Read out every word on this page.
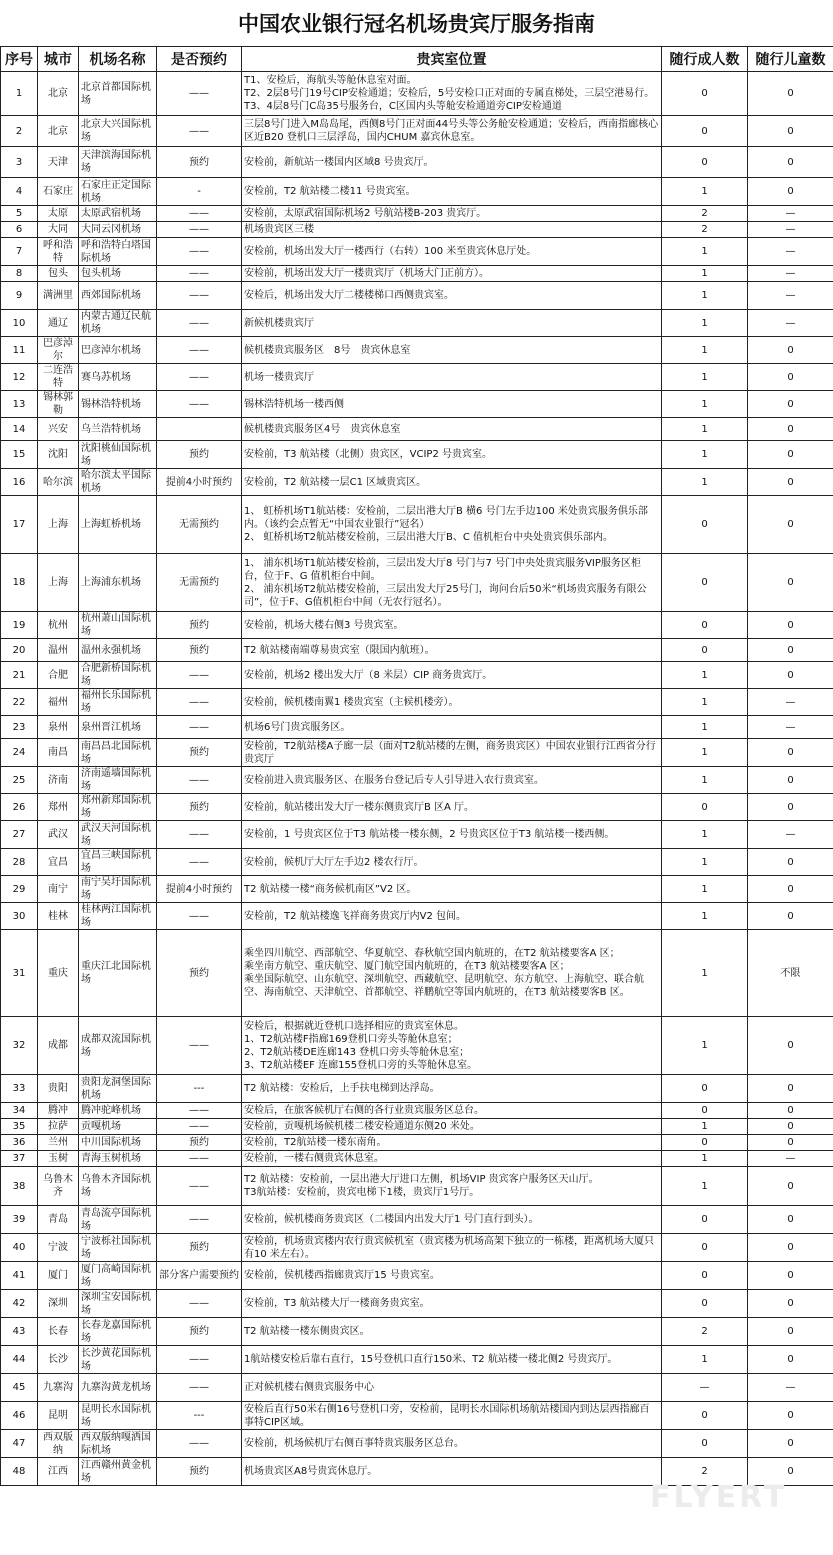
中国农业银行冠名机场贵宾厅服务指南
序号	城市	机场名称	是否预约	贵宾室位置	随行成人数	随行儿童数
1	北京	北京首都国际机场	——	T1、安检后，海航头等舱休息室对面。
T2、2层8号门19号CIP安检通道；安检后，5号安检口正对面的专属直梯处，三层空港易行。
T3、4层8号门C岛35号服务台，C区国内头等舱安检通道旁CIP安检通道	0	0
2	北京	北京大兴国际机场	——	三层8号门进入M岛岛尾，西侧8号门正对面44号头等公务舱安检通道；安检后，西南指廊核心区近B20 登机口三层浮岛，国内CHUM 嘉宾休息室。	0	0
3	天津	天津滨海国际机场	预约	安检前，新航站一楼国内区域8 号贵宾厅。	0	0
4	石家庄	石家庄正定国际机场	-	安检前，T2 航站楼二楼11 号贵宾室。	1	0
5	太原	太原武宿机场	——	安检前，太原武宿国际机场2 号航站楼B-203 贵宾厅。	2	—
6	大同	大同云冈机场	——	机场贵宾区三楼	2	—
7	呼和浩特	呼和浩特白塔国际机场	——	安检前，机场出发大厅一楼西行（右转）100 米至贵宾休息厅处。	1	—
8	包头	包头机场	——	安检前，机场出发大厅一楼贵宾厅（机场大门正前方）。	1	—
9	满洲里	西郊国际机场	——	安检后，机场出发大厅二楼楼梯口西侧贵宾室。	1	—
10	通辽	内蒙古通辽民航机场	——	新候机楼贵宾厅	1	—
11	巴彦淖尔	巴彦淖尔机场	——	候机楼贵宾服务区　8号　贵宾休息室	1	0
12	二连浩特	赛乌苏机场	——	机场一楼贵宾厅	1	0
13	锡林郭勒	锡林浩特机场	——	锡林浩特机场一楼西侧	1	0
14	兴安	乌兰浩特机场		候机楼贵宾服务区4号　贵宾休息室	1	0
15	沈阳	沈阳桃仙国际机场	预约	安检前，T3 航站楼（北侧）贵宾区，VCIP2 号贵宾室。	1	0
16	哈尔滨	哈尔滨太平国际机场	提前4小时预约	安检前，T2 航站楼一层C1 区域贵宾区。	1	0
17	上海	上海虹桥机场	无需预约	1、 虹桥机场T1航站楼：安检前，二层出港大厅B 横6 号门左手边100 米处贵宾服务俱乐部内。（该约会点暂无“中国农业银行”冠名）
2、 虹桥机场T2航站楼安检前，三层出港大厅B、C 值机柜台中央处贵宾俱乐部内。	0	0
18	上海	上海浦东机场	无需预约	1、 浦东机场T1航站楼安检前，三层出发大厅8 号门与7 号门中央处贵宾服务VIP服务区柜台，位于F、G 值机柜台中间。
2、 浦东机场T2航站楼安检前，三层出发大厅25号门，询问台后50米“机场贵宾服务有限公司”，位于F、G值机柜台中间（无农行冠名）。	0	0
19	杭州	杭州萧山国际机场	预约	安检前，机场大楼右侧3 号贵宾室。	0	0
20	温州	温州永强机场	预约	T2 航站楼南端尊易贵宾室（限国内航班）。	0	0
21	合肥	合肥新桥国际机场	——	安检前，机场2 楼出发大厅（8 米层）CIP 商务贵宾厅。	1	0
22	福州	福州长乐国际机场	——	安检前，候机楼南翼1 楼贵宾室（主候机楼旁）。	1	—
23	泉州	泉州晋江机场	——	机场6号门贵宾服务区。	1	—
24	南昌	南昌昌北国际机场	预约	安检前，T2航站楼A子廊一层（面对T2航站楼的左侧，商务贵宾区）中国农业银行江西省分行贵宾厅	1	0
25	济南	济南遥墙国际机场	——	安检前进入贵宾服务区、在服务台登记后专人引导进入农行贵宾室。	1	0
26	郑州	郑州新郑国际机场	预约	安检前，航站楼出发大厅一楼东侧贵宾厅B 区A 厅。	0	0
27	武汉	武汉天河国际机场	——	安检前，1 号贵宾区位于T3 航站楼一楼东侧，2 号贵宾区位于T3 航站楼一楼西侧。	1	—
28	宜昌	宜昌三峡国际机场	——	安检前，候机厅大厅左手边2 楼农行厅。	1	0
29	南宁	南宁吴圩国际机场	提前4小时预约	T2 航站楼一楼“商务候机南区”V2 区。	1	0
30	桂林	桂林两江国际机场	——	安检前，T2 航站楼逸飞祥商务贵宾厅内V2 包间。	1	0
31	重庆	重庆江北国际机场	预约	乘坐四川航空、西部航空、华夏航空、春秋航空国内航班的，在T2 航站楼要客A 区；
乘坐南方航空、重庆航空、厦门航空国内航班的，在T3 航站楼要客A 区；
乘坐国际航空、山东航空、深圳航空、西藏航空、昆明航空、东方航空、上海航空、联合航空、海南航空、天津航空、首都航空、祥鹏航空等国内航班的，在T3 航站楼要客B 区。	1	不限
32	成都	成都双流国际机场	——	安检后，根据就近登机口选择相应的贵宾室休息。
1、T2航站楼F指廊169登机口旁头等舱休息室；
2、T2航站楼DE连廊143 登机口旁头等舱休息室；
3、T2航站楼EF 连廊155登机口旁的头等舱休息室。	1	0
33	贵阳	贵阳龙洞堡国际机场	---	T2 航站楼：安检后，上手扶电梯到达浮岛。	0	0
34	腾冲	腾冲驼峰机场	——	安检后，在旅客候机厅右侧的各行业贵宾服务区总台。	0	0
35	拉萨	贡嘎机场	——	安检前，贡嘎机场候机楼二楼安检通道东侧20 米处。	1	0
36	兰州	中川国际机场	预约	安检前，T2航站楼一楼东南角。	0	0
37	玉树	青海玉树机场	——	安检前，一楼右侧贵宾休息室。	1	—
38	乌鲁木齐	乌鲁木齐国际机场	——	T2 航站楼：安检前，一层出港大厅进口左侧，机场VIP 贵宾客户服务区天山厅。
T3航站楼：安检前，贵宾电梯下1楼，贵宾厅1号厅。	1	0
39	青岛	青岛流亭国际机场	——	安检前，候机楼商务贵宾区（二楼国内出发大厅1 号门直行到头）。	0	0
40	宁波	宁波栎社国际机场	预约	安检前，机场贵宾楼内农行贵宾候机室（贵宾楼为机场高架下独立的一栋楼，距离机场大厦只有10 米左右）。	0	0
41	厦门	厦门高崎国际机场	部分客户需要预约	安检前，侯机楼西指廊贵宾厅15 号贵宾室。	0	0
42	深圳	深圳宝安国际机场	——	安检前，T3 航站楼大厅一楼商务贵宾室。	0	0
43	长春	长春龙嘉国际机场	预约	T2 航站楼一楼东侧贵宾区。	2	0
44	长沙	长沙黄花国际机场	——	1航站楼安检后靠右直行，15号登机口直行150米、T2 航站楼一楼北侧2 号贵宾厅。	1	0
45	九寨沟	九寨沟黄龙机场	——	正对候机楼右侧贵宾服务中心	—	—
46	昆明	昆明长水国际机场	---	安检后直行50米右侧16号登机口旁，安检前，昆明长水国际机场航站楼国内到达层西指廊百事特CIP区域。	0	0
47	西双版纳	西双版纳嘎洒国际机场	——	安检前，机场候机厅右侧百事特贵宾服务区总台。	0	0
48	江西	江西赣州黄金机场	预约	机场贵宾区A8号贵宾休息厅。	2	0
FLYERT
